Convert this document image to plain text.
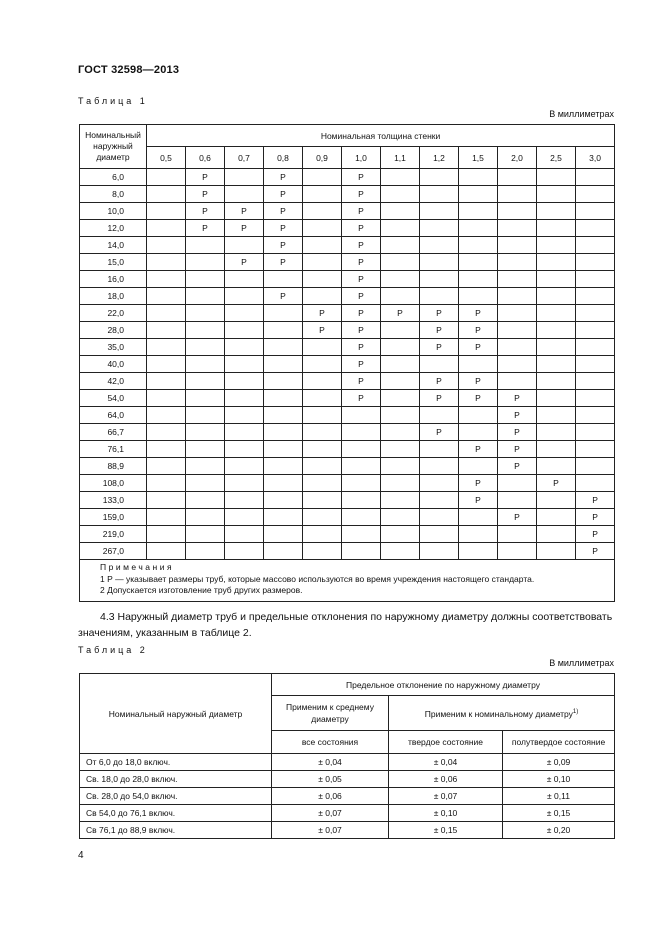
ГОСТ 32598—2013
Таблица 1
В миллиметрах
Номинальный наружный диаметр	Номинальная толщина стенки											
	0,5	0,6	0,7	0,8	0,9	1,0	1,1	1,2	1,5	2,0	2,5	3,0
6,0		P		P		P						
8,0		P		P		P						
10,0		P	P	P		P						
12,0		P	P	P		P						
14,0				P		P						
15,0			P	P		P						
16,0						P						
18,0				P		P						
22,0					P	P	P	P	P			
28,0					P	P		P	P			
35,0						P		P	P			
40,0						P						
42,0						P		P	P			
54,0						P		P	P	P		
64,0										P		
66,7								P		P		
76,1									P	P		
88,9										P		
108,0									P		P	
133,0									P			P
159,0										P		P
219,0												P
267,0												P

Примечания
1 Р — указывает размеры труб, которые массово используются во время учреждения настоящего стандарта.
2 Допускается изготовление труб других размеров.												
4.3 Наружный диаметр труб и предельные отклонения по наружному диаметру должны соответствовать значениям, указанным в таблице 2.
Таблица 2
В миллиметрах
Номинальный наружный диаметр	Предельное отклонение по наружному диаметру		
	Применим к среднему диаметру	Применим к номинальному диаметру$^{1)}$
	все состояния	твердое состояние	полутвердое состояние
От 6,0 до 18,0 включ.	± 0,04	± 0,04	± 0,09
Св. 18,0 до 28,0 включ.	± 0,05	± 0,06	± 0,10
Св. 28,0 до 54,0 включ.	± 0,06	± 0,07	± 0,11
Св 54,0 до 76,1 включ.	± 0,07	± 0,10	± 0,15
Св 76,1 до 88,9 включ.	± 0,07	± 0,15	± 0,20
4
